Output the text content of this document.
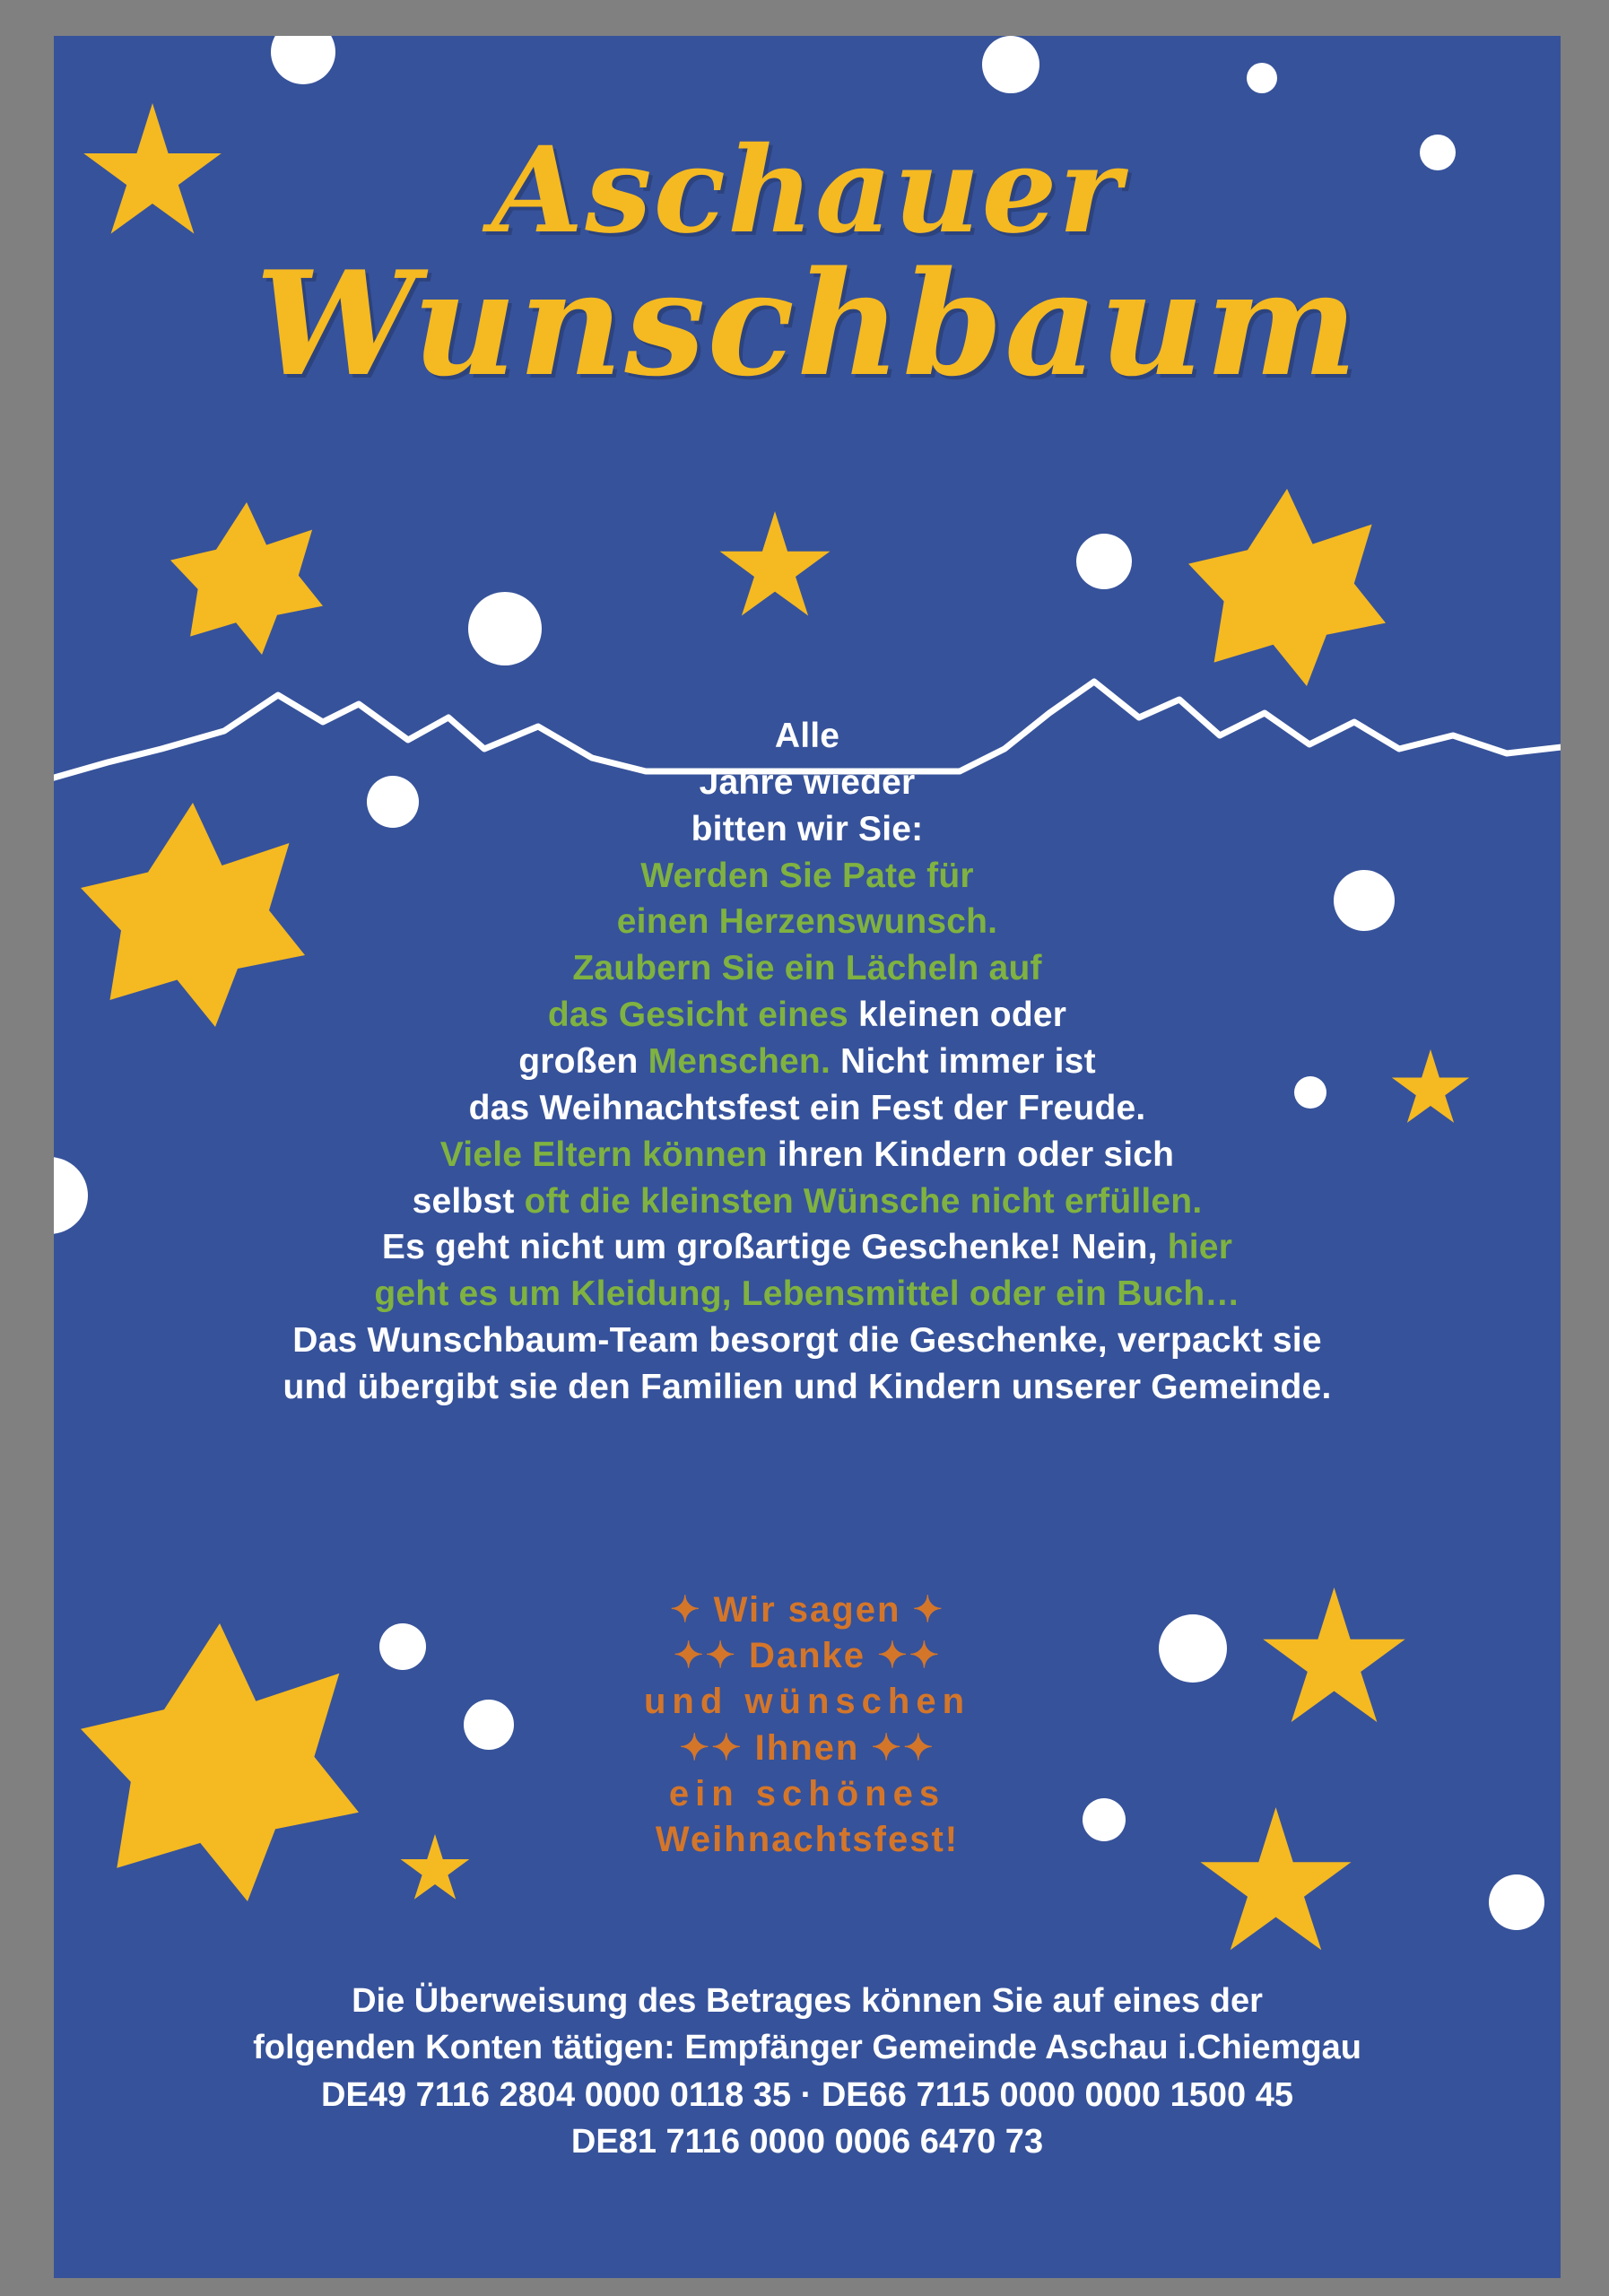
Aschauer
Wunschbaum
Alle
Jahre wieder
bitten wir Sie:
Werden Sie Pate für
einen Herzenswunsch.
Zaubern Sie ein Lächeln auf
das Gesicht eines kleinen oder
großen Menschen. Nicht immer ist
das Weihnachtsfest ein Fest der Freude.
Viele Eltern können ihren Kindern oder sich
selbst oft die kleinsten Wünsche nicht erfüllen.
Es geht nicht um großartige Geschenke! Nein, hier
geht es um Kleidung, Lebensmittel oder ein Buch…
Das Wunschbaum-Team besorgt die Geschenke, verpackt sie
und übergibt sie den Familien und Kindern unserer Gemeinde.
✦ Wir sagen ✦
✦✦ Danke ✦✦
und wünschen
✦✦ Ihnen ✦✦
ein schönes
Weihnachtsfest!
Die Überweisung des Betrages können Sie auf eines der
folgenden Konten tätigen: Empfänger Gemeinde Aschau i.Chiemgau
DE49 7116 2804 0000 0118 35 · DE66 7115 0000 0000 1500 45
DE81 7116 0000 0006 6470 73
